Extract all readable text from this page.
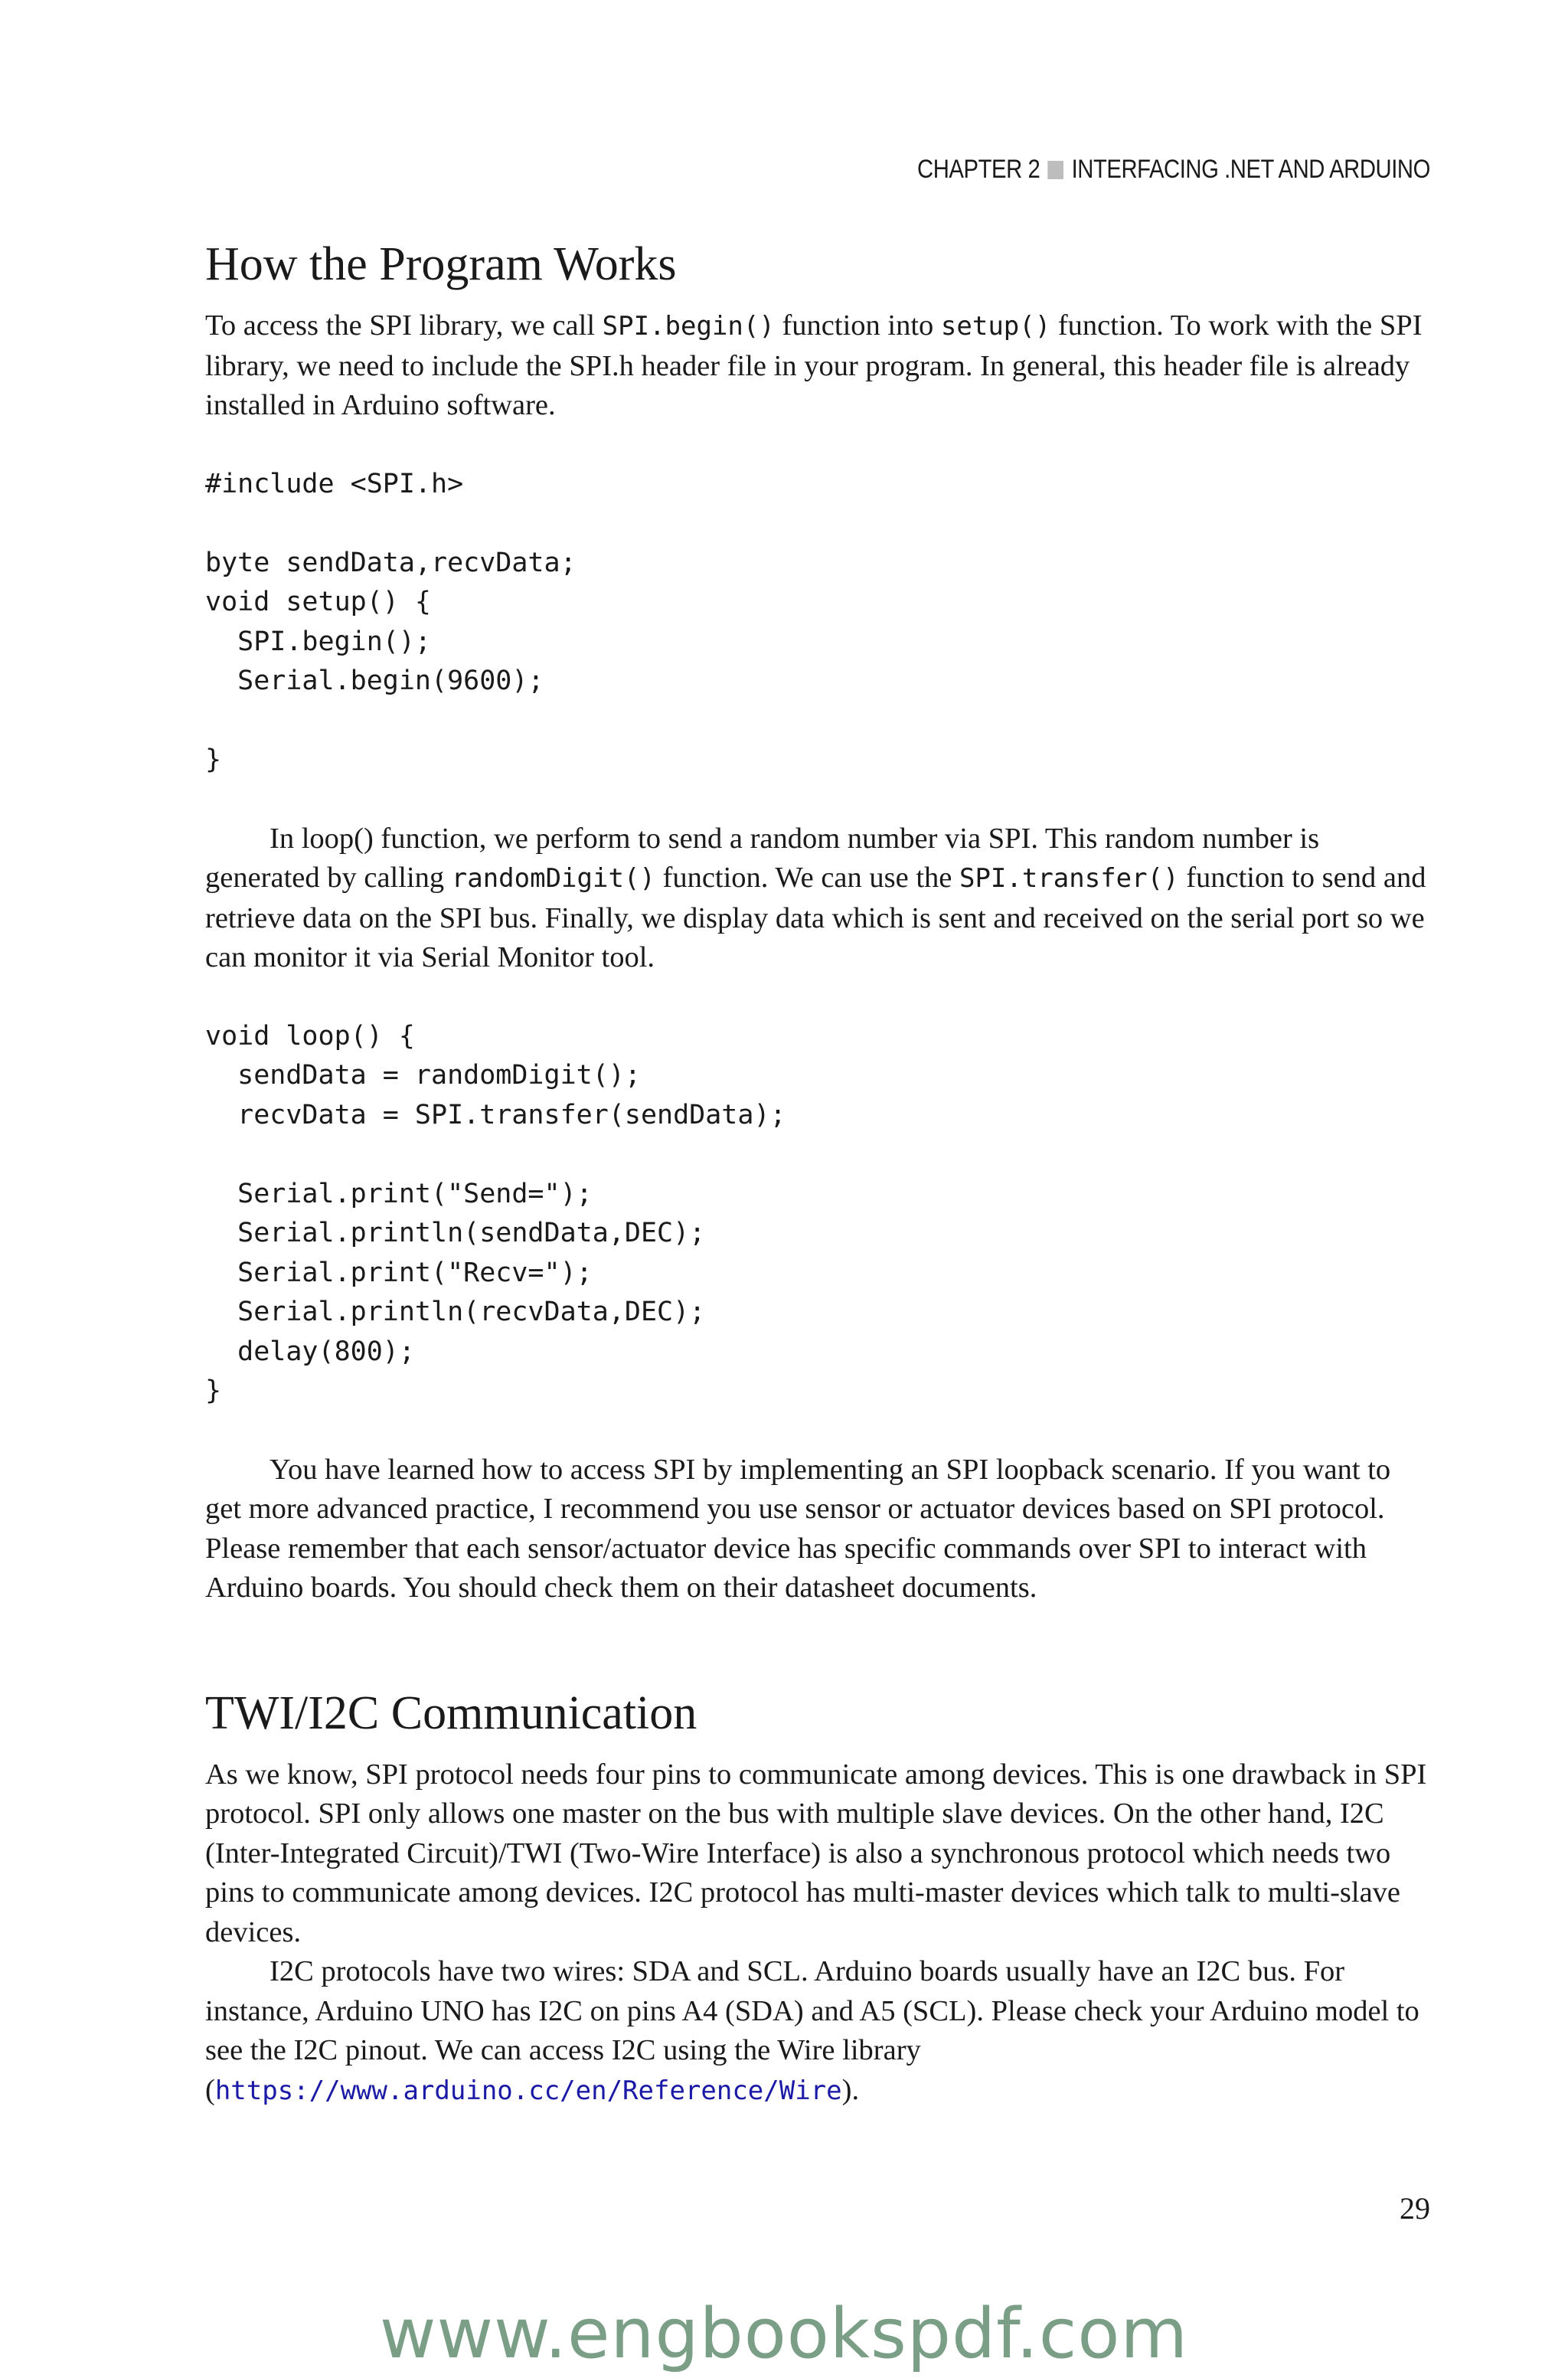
CHAPTER 2 INTERFACING .NET AND ARDUINO
How the Program Works

To access the SPI library, we call SPI.begin() function into setup() function. To work with the SPI library, we need to include the SPI.h header file in your program. In general, this header file is already installed in Arduino software.

#include <SPI.h>

byte sendData,recvData;
void setup() {
SPI.begin();
Serial.begin(9600);

}

In loop() function, we perform to send a random number via SPI. This random number is generated by calling randomDigit() function. We can use the SPI.transfer() function to send and retrieve data on the SPI bus. Finally, we display data which is sent and received on the serial port so we can monitor it via Serial Monitor tool.

void loop() {
sendData = randomDigit();
recvData = SPI.transfer(sendData);

Serial.print("Send=");
Serial.println(sendData,DEC);
Serial.print("Recv=");
Serial.println(recvData,DEC);
delay(800);
}

You have learned how to access SPI by implementing an SPI loopback scenario. If you want to get more advanced practice, I recommend you use sensor or actuator devices based on SPI protocol. Please remember that each sensor/actuator device has specific commands over SPI to interact with Arduino boards. You should check them on their datasheet documents.

TWI/I2C Communication

As we know, SPI protocol needs four pins to communicate among devices. This is one drawback in SPI protocol. SPI only allows one master on the bus with multiple slave devices. On the other hand, I2C (Inter-Integrated Circuit)/TWI (Two-Wire Interface) is also a synchronous protocol which needs two pins to communicate among devices. I2C protocol has multi-master devices which talk to multi-slave devices.

I2C protocols have two wires: SDA and SCL. Arduino boards usually have an I2C bus. For instance, Arduino UNO has I2C on pins A4 (SDA) and A5 (SCL). Please check your Arduino model to see the I2C pinout. We can access I2C using the Wire library (https://www.arduino.cc/en/Reference/Wire).

29
www.engbookspdf.com
